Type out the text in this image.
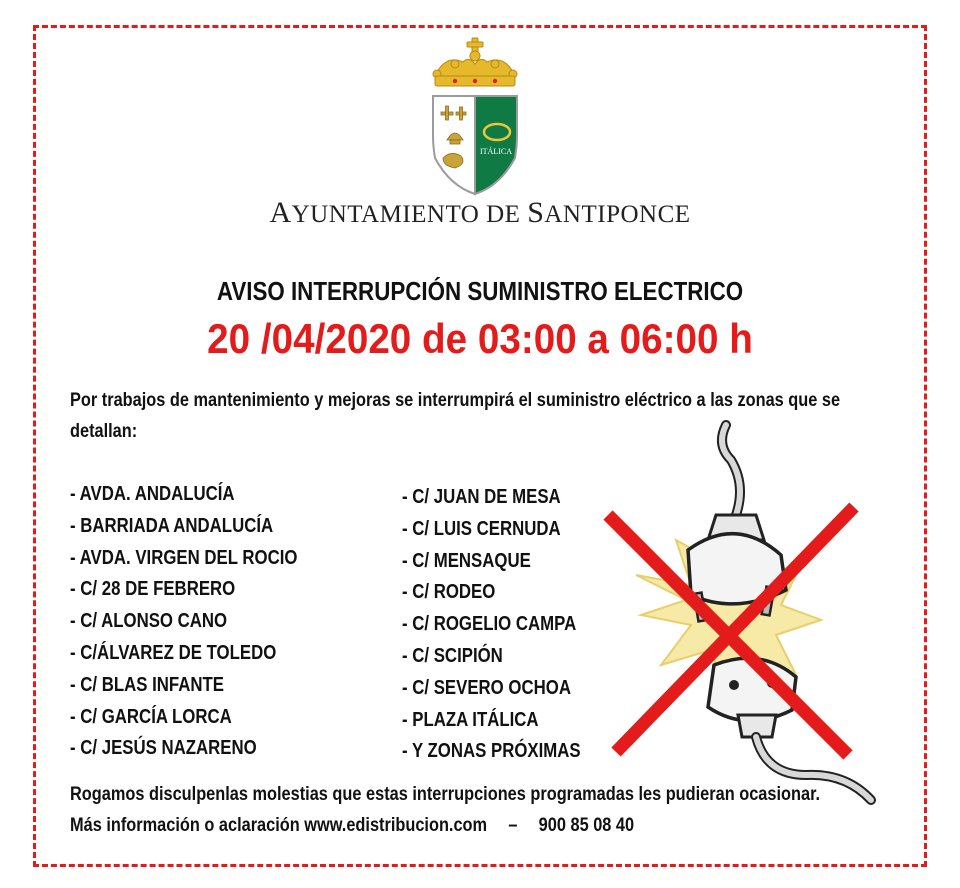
ITÁLICA
AYUNTAMIENTO DE SANTIPONCE
AVISO INTERRUPCIÓN SUMINISTRO ELECTRICO
20 /04/2020 de 03:00 a 06:00 h
Por trabajos de mantenimiento y mejoras se interrumpirá el suministro eléctrico a las zonas que se
detallan:
- AVDA. ANDALUCÍA
- BARRIADA ANDALUCÍA
- AVDA. VIRGEN DEL ROCIO
- C/ 28 DE FEBRERO
- C/ ALONSO CANO
- C/ÁLVAREZ DE TOLEDO
- C/ BLAS INFANTE
- C/ GARCÍA LORCA
- C/ JESÚS NAZARENO
- C/ JUAN DE MESA
- C/ LUIS CERNUDA
- C/ MENSAQUE
- C/ RODEO
- C/ ROGELIO CAMPA
- C/ SCIPIÓN
- C/ SEVERO OCHOA
- PLAZA ITÁLICA
- Y ZONAS PRÓXIMAS
Rogamos disculpenlas molestias que estas interrupciones programadas les pudieran ocasionar.
Más información o aclaración www.edistribucion.com – 900 85 08 40
